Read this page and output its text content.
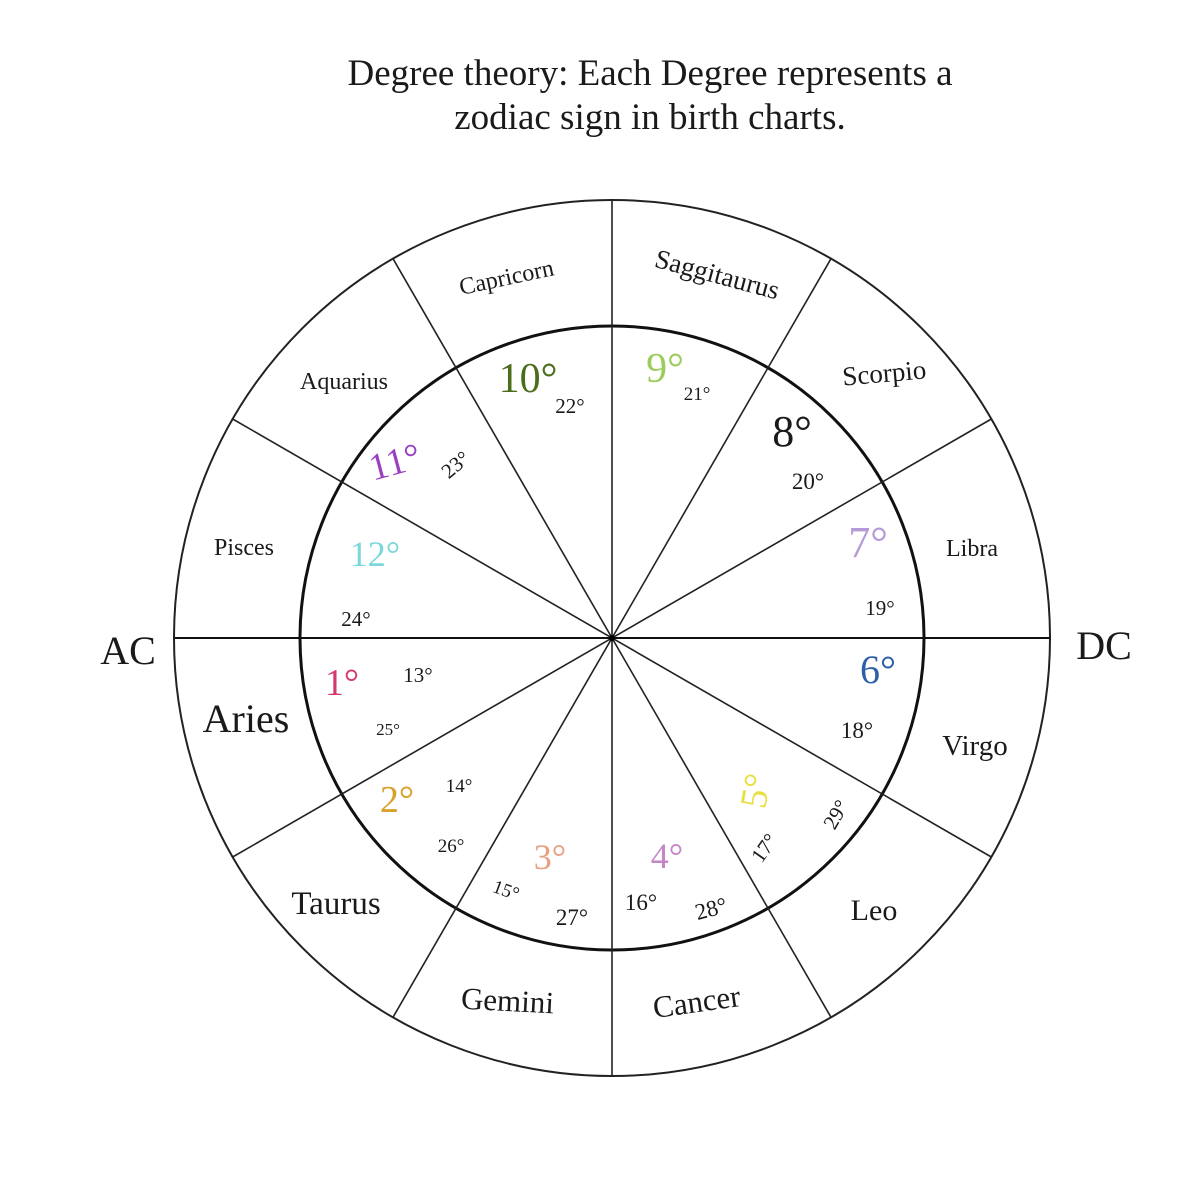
Degree theory: Each Degree represents a
zodiac sign in birth charts.
Aries
Taurus
Gemini	Cancer
Leo
Virgo
Libra
Scorpio
Saggitaurus
Capricorn
Aquarius
Pisces
1° 13°
25°
2° 14°
26° 3°
15°
27°
4°
16° 28°
5°
17°
29°
6°
18°
7°
19°
8°
20°
9°
21°
10°
22°
11° 23°
12°
24°
AC	DC
